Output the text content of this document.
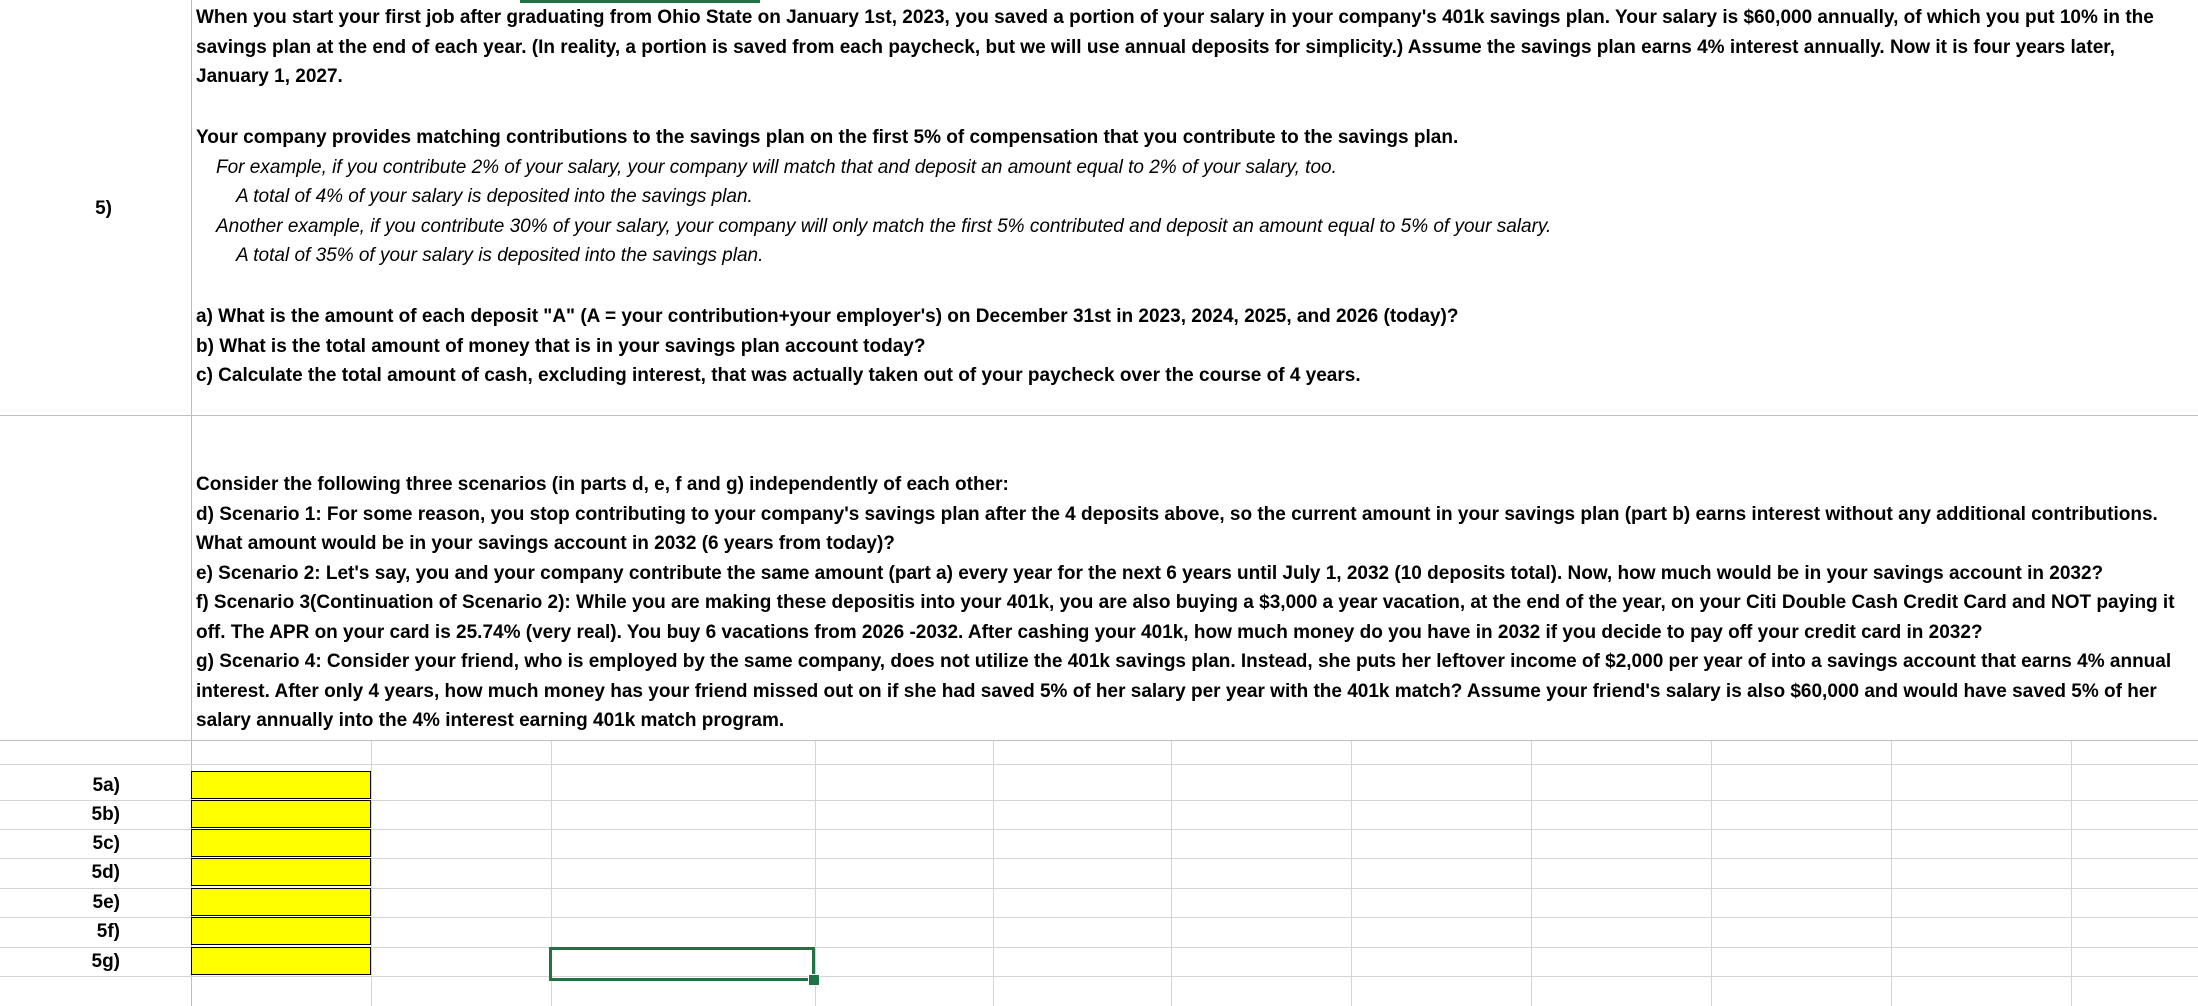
5)
When you start your first job after graduating from Ohio State on January 1st, 2023, you saved a portion of your salary in your company's 401k savings plan. Your salary is $60,000 annually, of which you put 10% in the
savings plan at the end of each year. (In reality, a portion is saved from each paycheck, but we will use annual deposits for simplicity.) Assume the savings plan earns 4% interest annually. Now it is four years later,
January 1, 2027.
Your company provides matching contributions to the savings plan on the first 5% of compensation that you contribute to the savings plan.
For example, if you contribute 2% of your salary, your company will match that and deposit an amount equal to 2% of your salary, too.
A total of 4% of your salary is deposited into the savings plan.
Another example, if you contribute 30% of your salary, your company will only match the first 5% contributed and deposit an amount equal to 5% of your salary.
A total of 35% of your salary is deposited into the savings plan.
a) What is the amount of each deposit "A" (A = your contribution+your employer's) on December 31st in 2023, 2024, 2025, and 2026 (today)?
b) What is the total amount of money that is in your savings plan account today?
c) Calculate the total amount of cash, excluding interest, that was actually taken out of your paycheck over the course of 4 years.
Consider the following three scenarios (in parts d, e, f and g) independently of each other:
d) Scenario 1: For some reason, you stop contributing to your company's savings plan after the 4 deposits above, so the current amount in your savings plan (part b) earns interest without any additional contributions.
What amount would be in your savings account in 2032 (6 years from today)?
e) Scenario 2: Let's say, you and your company contribute the same amount (part a) every year for the next 6 years until July 1, 2032 (10 deposits total). Now, how much would be in your savings account in 2032?
f) Scenario 3(Continuation of Scenario 2): While you are making these depositis into your 401k, you are also buying a $3,000 a year vacation, at the end of the year, on your Citi Double Cash Credit Card and NOT paying it
off. The APR on your card is 25.74% (very real). You buy 6 vacations from 2026 -2032. After cashing your 401k, how much money do you have in 2032 if you decide to pay off your credit card in 2032?
g) Scenario 4: Consider your friend, who is employed by the same company, does not utilize the 401k savings plan. Instead, she puts her leftover income of $2,000 per year of into a savings account that earns 4% annual
interest. After only 4 years, how much money has your friend missed out on if she had saved 5% of her salary per year with the 401k match? Assume your friend's salary is also $60,000 and would have saved 5% of her
salary annually into the 4% interest earning 401k match program.
5a)
5b)
5c)
5d)
5e)
5f)
5g)
